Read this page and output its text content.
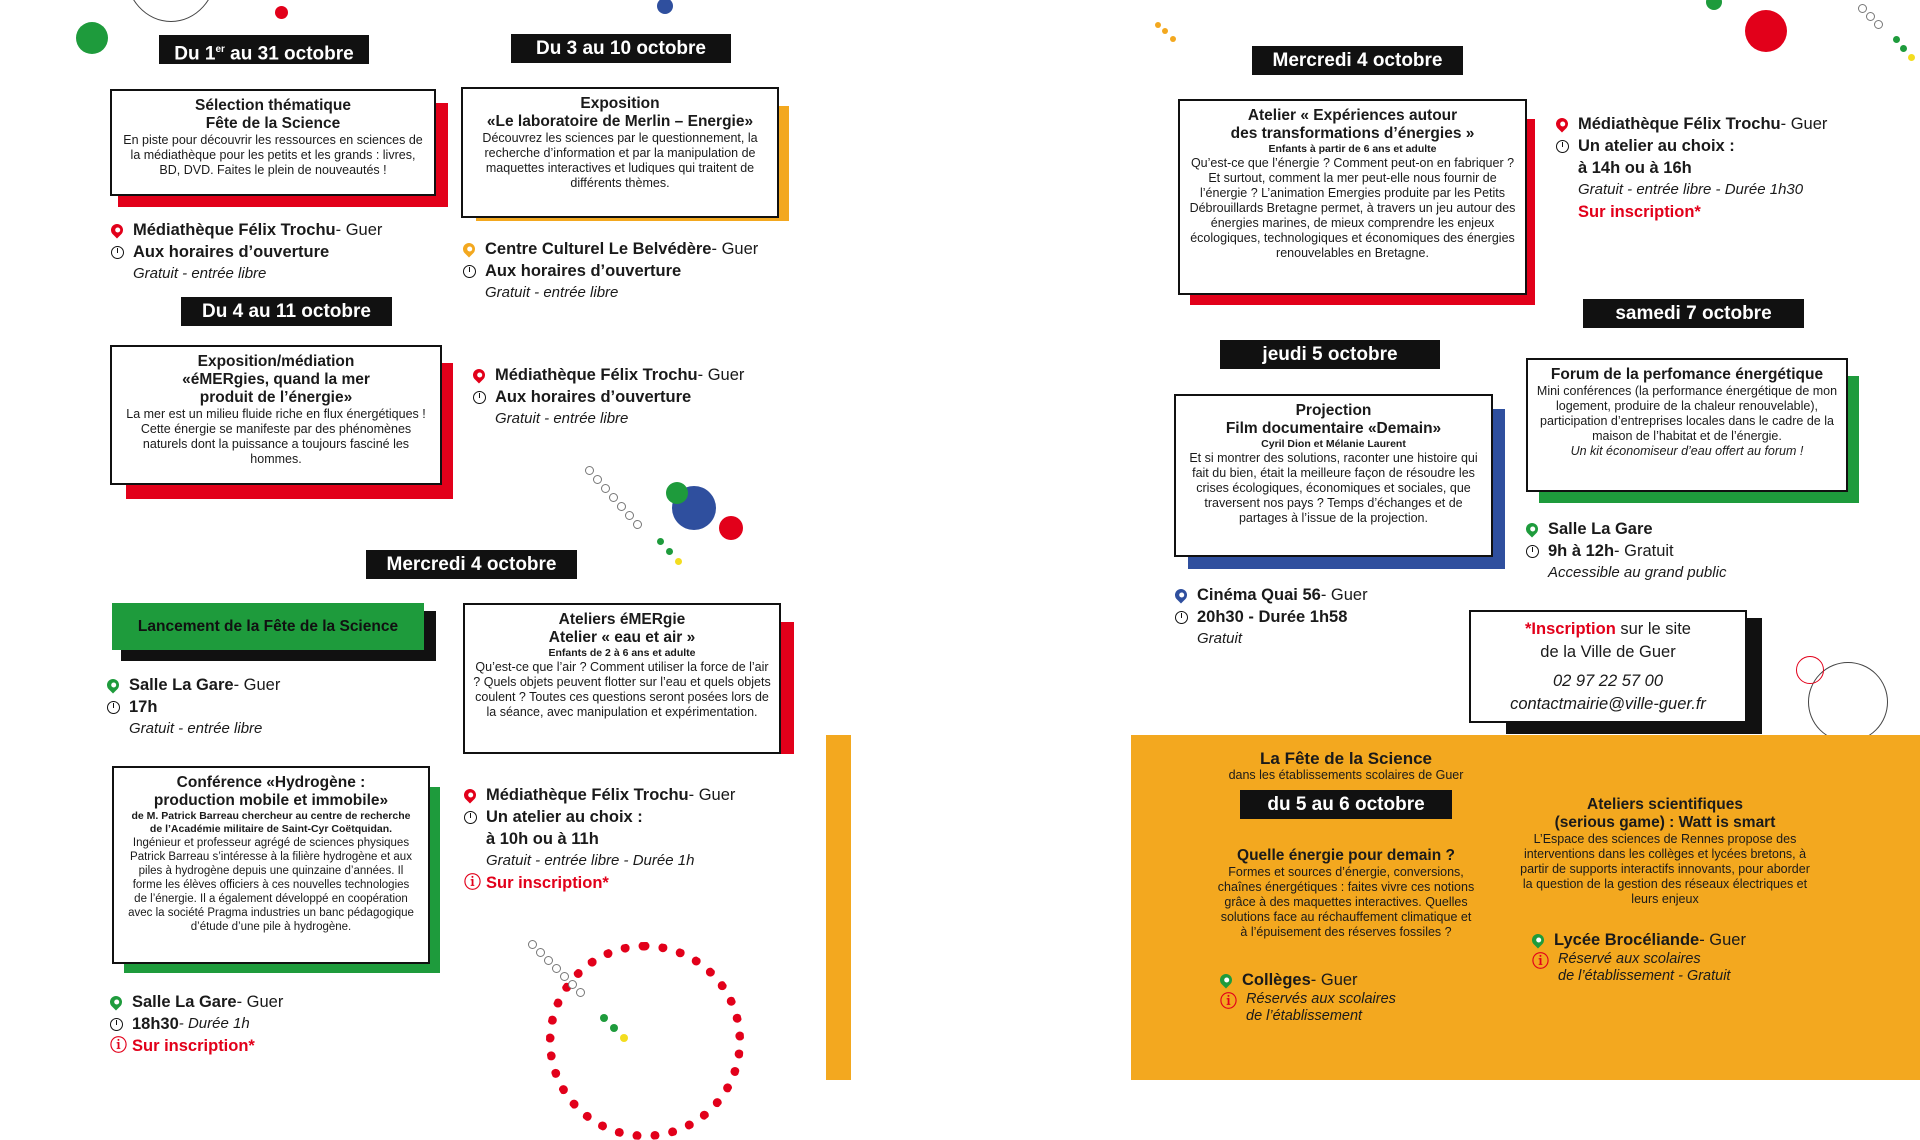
Du 1er au 31 octobre
Sélection thématique
Fête de la Science
En piste pour découvrir les ressources en sciences de la médiathèque pour les petits et les grands : livres, BD, DVD. Faites le plein de nouveautés !
Médiathèque Félix Trochu - Guer
Aux horaires d’ouverture
Gratuit - entrée libre
Du 3 au 10 octobre
Exposition
«Le laboratoire de Merlin – Energie»
Découvrez les sciences par le questionnement, la recherche d’information et par la manipulation de maquettes interactives et ludiques qui traitent de différents thèmes.
Centre Culturel Le Belvédère - Guer
Aux horaires d’ouverture
Gratuit - entrée libre
Du 4 au 11 octobre
Exposition/médiation
«éMERgies, quand la mer
produit de l’énergie»
La mer est un milieu fluide riche en flux énergétiques ! Cette énergie se manifeste par des phénomènes naturels dont la puissance a toujours fasciné les hommes.
Médiathèque Félix Trochu - Guer
Aux horaires d’ouverture
Gratuit - entrée libre
Mercredi 4 octobre
Lancement de la Fête de la Science
Salle La Gare - Guer
17h
Gratuit - entrée libre
Ateliers éMERgie
Atelier « eau et air »
Enfants de 2 à 6 ans et adulte
Qu’est-ce que l’air ? Comment utiliser la force de l’air ? Quels objets peuvent flotter sur l’eau et quels objets coulent ? Toutes ces questions seront posées lors de la séance, avec manipulation et expérimentation.
Médiathèque Félix Trochu - Guer
Un atelier au choix :
à 10h ou à 11h
Gratuit - entrée libre - Durée 1h
ⓘ Sur inscription*
Conférence «Hydrogène :
production mobile et immobile»
de M. Patrick Barreau chercheur au centre de recherche de l’Académie militaire de Saint-Cyr Coëtquidan.
Ingénieur et professeur agrégé de sciences physiques Patrick Barreau s’intéresse à la filière hydrogène et aux piles à hydrogène depuis une quinzaine d’années. Il forme les élèves officiers à ces nouvelles technologies de l’énergie. Il a également développé en coopération avec la société Pragma industries un banc pédagogique d’étude d’une pile à hydrogène.
Salle La Gare - Guer
18h30 - Durée 1h
ⓘ Sur inscription*
Mercredi 4 octobre
Atelier « Expériences autour
des transformations d’énergies »
Enfants à partir de 6 ans et adulte
Qu’est-ce que l’énergie ? Comment peut-on en fabriquer ? Et surtout, comment la mer peut-elle nous fournir de l’énergie ? L’animation Emergies produite par les Petits Débrouillards Bretagne permet, à travers un jeu autour des énergies marines, de mieux comprendre les enjeux écologiques, technologiques et économiques des énergies renouvelables en Bretagne.
Médiathèque Félix Trochu - Guer
Un atelier au choix :
à 14h ou à 16h
Gratuit - entrée libre - Durée 1h30
Sur inscription*
jeudi 5 octobre
Projection
Film documentaire «Demain»
Cyril Dion et Mélanie Laurent
Et si montrer des solutions, raconter une histoire qui fait du bien, était la meilleure façon de résoudre les crises écologiques, économiques et sociales, que traversent nos pays ? Temps d’échanges et de partages à l’issue de la projection.
Cinéma Quai 56 - Guer
20h30 - Durée 1h58
Gratuit
samedi 7 octobre
Forum de la perfomance énergétique
Mini conférences (la performance énergétique de mon logement, produire de la chaleur renouvelable), participation d’entreprises locales dans le cadre de la maison de l’habitat et de l’énergie.
Un kit économiseur d’eau offert au forum !
Salle La Gare
9h à 12h - Gratuit
Accessible au grand public
*Inscription sur le site
de la Ville de Guer
02 97 22 57 00
contactmairie@ville-guer.fr
La Fête de la Science
dans les établissements scolaires de Guer
du 5 au 6 octobre
Quelle énergie pour demain ?
Formes et sources d’énergie, conversions, chaînes énergétiques : faites vivre ces notions grâce à des maquettes interactives. Quelles solutions face au réchauffement climatique et à l’épuisement des réserves fossiles ?
Collèges - Guer
ⓘ Réservés aux scolaires
de l’établissement
Ateliers scientifiques
(serious game) : Watt is smart
L’Espace des sciences de Rennes propose des interventions dans les collèges et lycées bretons, à partir de supports interactifs innovants, pour aborder la question de la gestion des réseaux électriques et leurs enjeux
Lycée Brocéliande - Guer
ⓘ Réservé aux scolaires
de l’établissement - Gratuit
